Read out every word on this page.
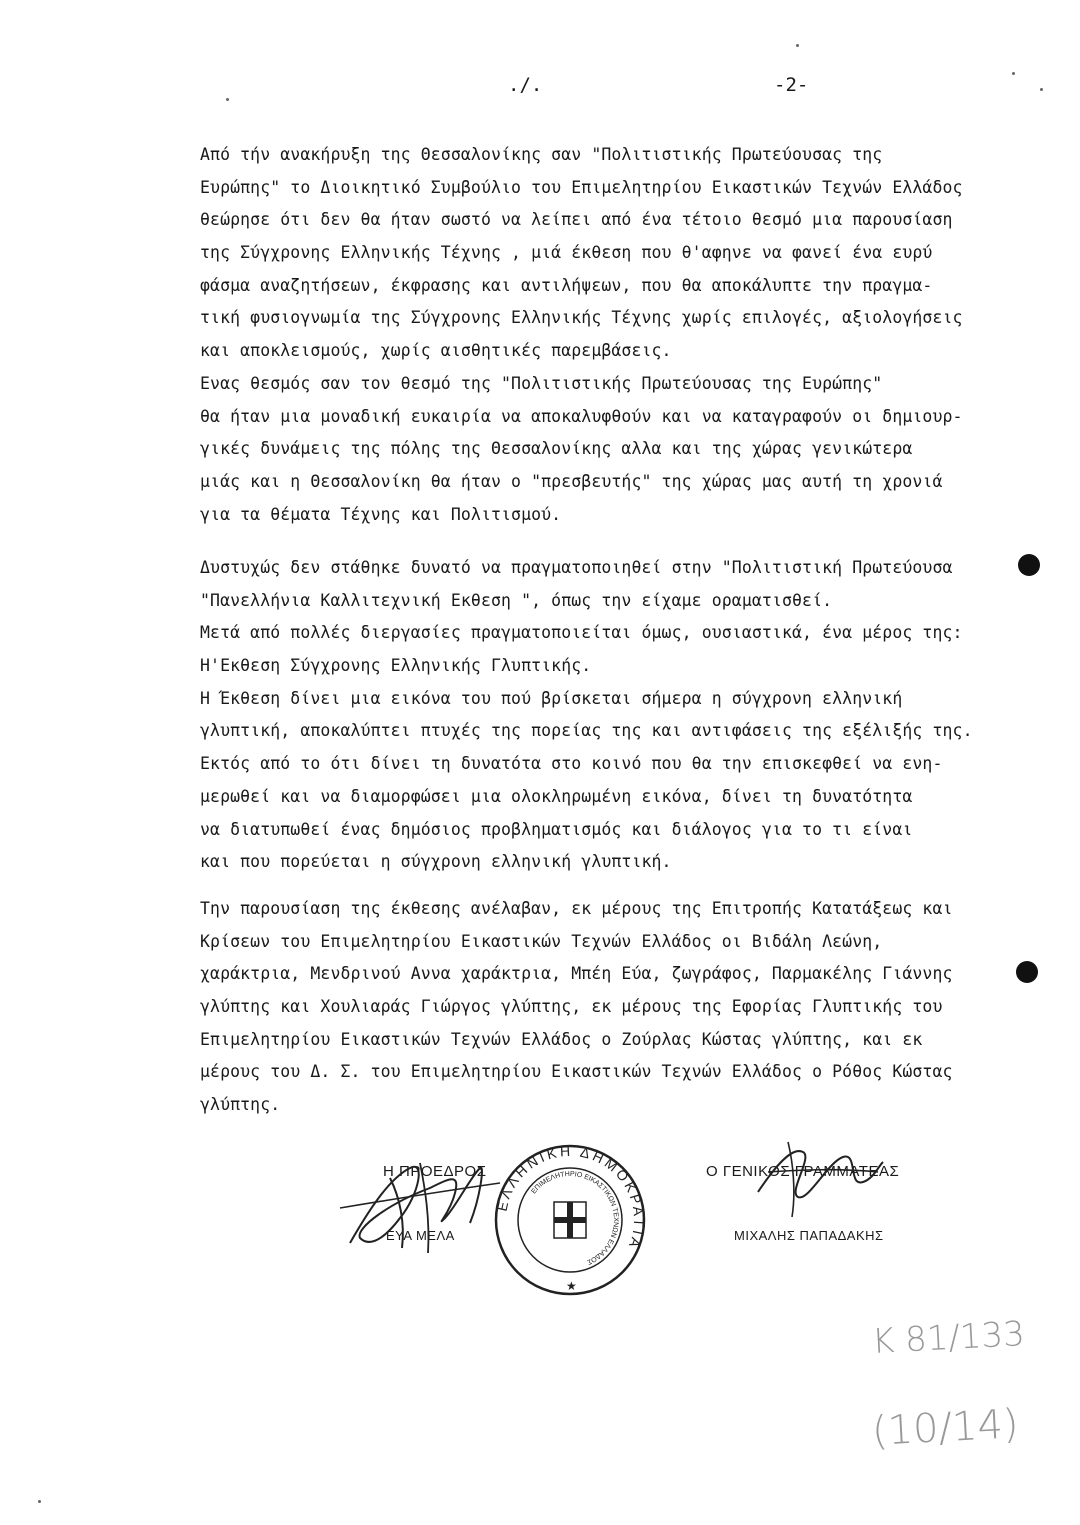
./.	-2-
Από τήν ανακήρυξη της Θεσσαλονίκης σαν "Πολιτιστικής Πρωτεύουσας της
Ευρώπης" το Διοικητικό Συμβούλιο του Επιμελητηρίου Εικαστικών Τεχνών Ελλάδος
θεώρησε ότι δεν θα ήταν σωστό να λείπει από ένα τέτοιο θεσμό μια παρουσίαση
της Σύγχρονης Ελληνικής Τέχνης , μιά έκθεση που θ'αφηνε να φανεί ένα ευρύ
φάσμα αναζητήσεων, έκφρασης και αντιλήψεων, που θα αποκάλυπτε την πραγμα-
τική φυσιογνωμία της Σύγχρονης Ελληνικής Τέχνης χωρίς επιλογές, αξιολογήσεις
και αποκλεισμούς, χωρίς αισθητικές παρεμβάσεις.
Ενας θεσμός σαν τον θεσμό της "Πολιτιστικής Πρωτεύουσας της Ευρώπης"
θα ήταν μια μοναδική ευκαιρία να αποκαλυφθούν και να καταγραφούν οι δημιουρ-
γικές δυνάμεις της πόλης της Θεσσαλονίκης αλλα και της χώρας γενικώτερα
μιάς και η Θεσσαλονίκη θα ήταν ο "πρεσβευτής" της χώρας μας αυτή τη χρονιά
για τα θέματα Τέχνης και Πολιτισμού.
Δυστυχώς δεν στάθηκε δυνατό να πραγματοποιηθεί στην "Πολιτιστική Πρωτεύουσα
"Πανελλήνια Καλλιτεχνική Εκθεση ", όπως την είχαμε οραματισθεί.
Μετά από πολλές διεργασίες πραγματοποιείται όμως, ουσιαστικά, ένα μέρος της:
Η'Εκθεση Σύγχρονης Ελληνικής Γλυπτικής.
Η Έκθεση δίνει μια εικόνα του πού βρίσκεται σήμερα η σύγχρονη ελληνική
γλυπτική, αποκαλύπτει πτυχές της πορείας της και αντιφάσεις της εξέλιξής της.
Εκτός από το ότι δίνει τη δυνατότα στο κοινό που θα την επισκεφθεί να ενη-
μερωθεί και να διαμορφώσει μια ολοκληρωμένη εικόνα, δίνει τη δυνατότητα
να διατυπωθεί ένας δημόσιος προβληματισμός και διάλογος για το τι είναι
και που πορεύεται η σύγχρονη ελληνική γλυπτική.
Την παρουσίαση της έκθεσης ανέλαβαν, εκ μέρους της Επιτροπής Κατατάξεως και
Κρίσεων του Επιμελητηρίου Εικαστικών Τεχνών Ελλάδος οι Βιδάλη Λεώνη,
χαράκτρια, Μενδρινού Αννα χαράκτρια, Μπέη Εύα, ζωγράφος, Παρμακέλης Γιάννης
γλύπτης και Χουλιαράς Γιώργος γλύπτης, εκ μέρους της Εφορίας Γλυπτικής του
Επιμελητηρίου Εικαστικών Τεχνών Ελλάδος ο Ζούρλας Κώστας γλύπτης, και εκ
μέρους του Δ. Σ. του Επιμελητηρίου Εικαστικών Τεχνών Ελλάδος ο Ρόθος Κώστας
γλύπτης.
Η ΠΡΟΕΔΡΟΣ
ΕΥΑ ΜΕΛΑ
ΕΛΛΗΝΙΚΗ ΔΗΜΟΚΡΑΤΙΑ
ΕΠΙΜΕΛΗΤΗΡΙΟ ΕΙΚΑΣΤΙΚΩΝ ΤΕΧΝΩΝ ΕΛΛΑΔΟΣ
★
Ο ΓΕΝΙΚΟΣ ΓΡΑΜΜΑΤΕΑΣ
ΜΙΧΑΛΗΣ ΠΑΠΑΔΑΚΗΣ
Κ 81/133
(10/14)
